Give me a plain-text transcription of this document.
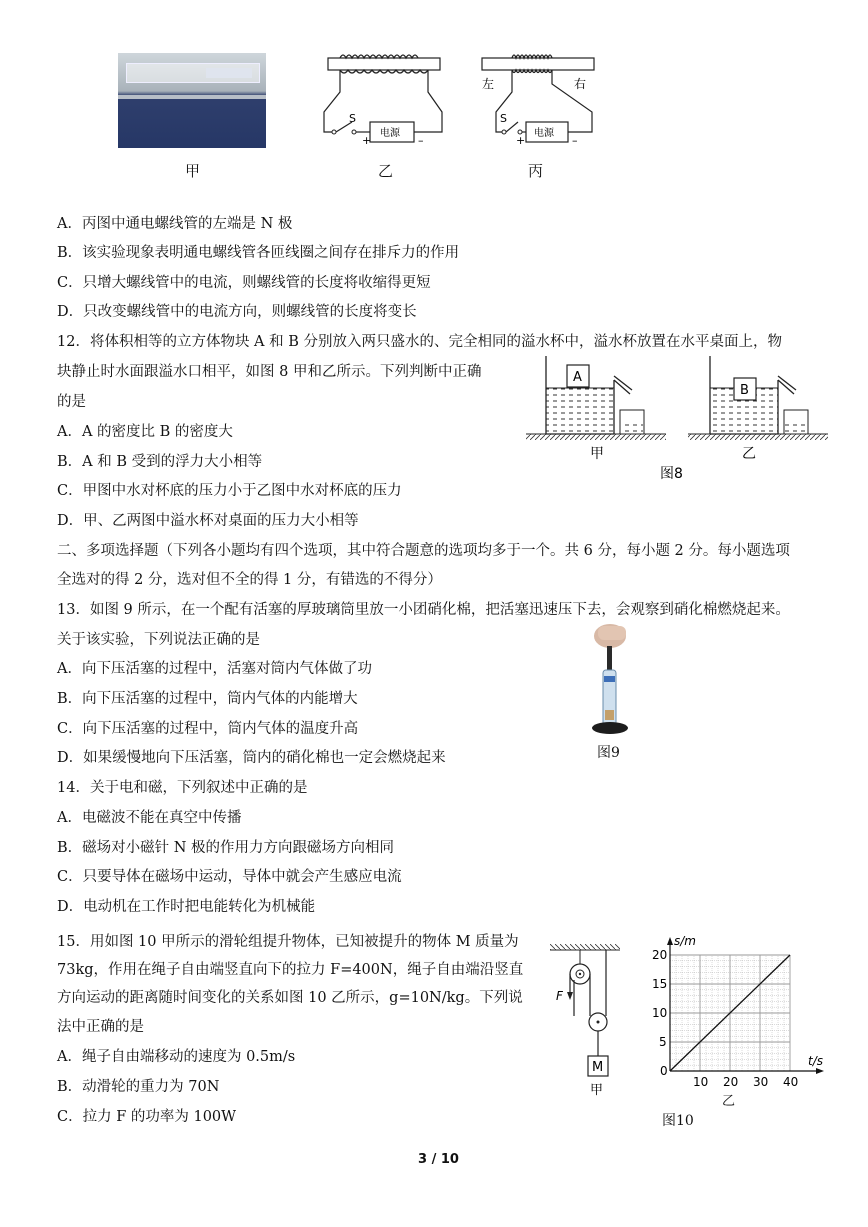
甲
S
电源
+	–
乙
左	右
S
电源
+	–
丙
A．丙图中通电螺线管的左端是 N 极
B．该实验现象表明通电螺线管各匝线圈之间存在排斥力的作用
C．只增大螺线管中的电流，则螺线管的长度将收缩得更短
D．只改变螺线管中的电流方向，则螺线管的长度将变长
12．将体积相等的立方体物块 A 和 B 分别放入两只盛水的、完全相同的溢水杯中，溢水杯放置在水平桌面上，物
块静止时水面跟溢水口相平，如图 8 甲和乙所示。下列判断中正确
的是
A．A 的密度比 B 的密度大
B．A 和 B 受到的浮力大小相等
C．甲图中水对杯底的压力小于乙图中水对杯底的压力
D．甲、乙两图中溢水杯对桌面的压力大小相等
A
甲
B
乙
图8
二、多项选择题（下列各小题均有四个选项，其中符合题意的选项均多于一个。共 6 分，每小题 2 分。每小题选项
全选对的得 2 分，选对但不全的得 1 分，有错选的不得分）
13．如图 9 所示，在一个配有活塞的厚玻璃筒里放一小团硝化棉，把活塞迅速压下去，会观察到硝化棉燃烧起来。
关于该实验，下列说法正确的是
A．向下压活塞的过程中，活塞对筒内气体做了功
B．向下压活塞的过程中，筒内气体的内能增大
C．向下压活塞的过程中，筒内气体的温度升高
D．如果缓慢地向下压活塞，筒内的硝化棉也一定会燃烧起来	图9
14．关于电和磁，下列叙述中正确的是
A．电磁波不能在真空中传播
B．磁场对小磁针 N 极的作用力方向跟磁场方向相同
C．只要导体在磁场中运动，导体中就会产生感应电流
D．电动机在工作时把电能转化为机械能
15．用如图 10 甲所示的滑轮组提升物体，已知被提升的物体 M 质量为
73kg，作用在绳子自由端竖直向下的拉力 F=400N，绳子自由端沿竖直
方向运动的距离随时间变化的关系如图 10 乙所示，g=10N/kg。下列说
法中正确的是
A．绳子自由端移动的速度为 0.5m/s
B．动滑轮的重力为 70N
C．拉力 F 的功率为 100W
M
F
甲
10 20 30 40
5
10
15
20
0
s/m
t/s
乙
图10
3 / 10
